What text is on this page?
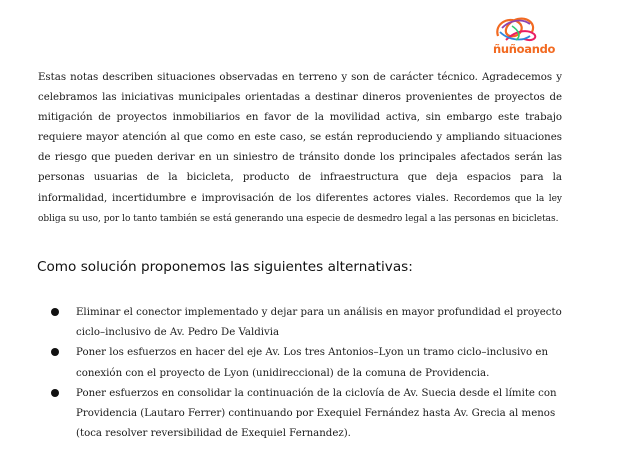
ñuñoando

Estas notas describen situaciones observadas en terreno y son de carácter técnico. Agradecemos y celebramos las iniciativas municipales orientadas a destinar dineros provenientes de proyectos de mitigación de proyectos inmobiliarios en favor de la movilidad activa, sin embargo este trabajo requiere mayor atención al que como en este caso, se están reproduciendo y ampliando situaciones de riesgo que pueden derivar en un siniestro de tránsito donde los principales afectados serán las personas usuarias de la bicicleta, producto de infraestructura que deja espacios para la informalidad, incertidumbre e improvisación de los diferentes actores viales. Recordemos que la ley obliga su uso, por lo tanto también se está generando una especie de desmedro legal a las personas en bicicletas.

Como solución proponemos las siguientes alternativas:
Eliminar el conector implementado y dejar para un análisis en mayor profundidad el proyecto ciclo–inclusivo de Av. Pedro De Valdivia
Poner los esfuerzos en hacer del eje Av. Los tres Antonios–Lyon un tramo ciclo–inclusivo en conexión con el proyecto de Lyon (unidireccional) de la comuna de Providencia.
Poner esfuerzos en consolidar la continuación de la ciclovía de Av. Suecia desde el límite con Providencia (Lautaro Ferrer) continuando por Exequiel Fernández hasta Av. Grecia al menos (toca resolver reversibilidad de Exequiel Fernandez).
